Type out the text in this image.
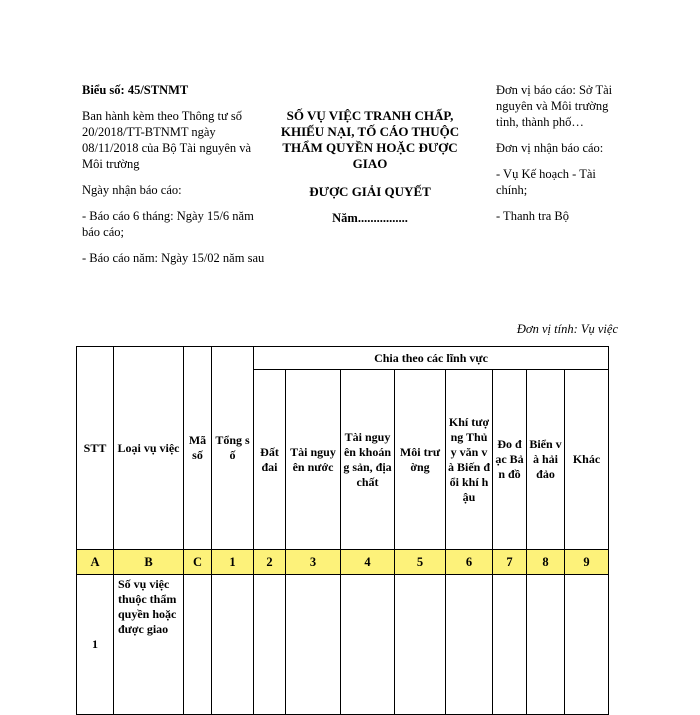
Biểu số: 45/STNMT

Ban hành kèm theo Thông tư số 20/2018/TT-BTNMT ngày 08/11/2018 của Bộ Tài nguyên và Môi trường

Ngày nhận báo cáo:

- Báo cáo 6 tháng: Ngày 15/6 năm báo cáo;

- Báo cáo năm: Ngày 15/02 năm sau

SỐ VỤ VIỆC TRANH CHẤP, KHIẾU NẠI, TỐ CÁO THUỘC THẨM QUYỀN HOẶC ĐƯỢC GIAO

ĐƯỢC GIẢI QUYẾT

Năm................

Đơn vị báo cáo: Sở Tài nguyên và Môi trường tỉnh, thành phố…

Đơn vị nhận báo cáo:

- Vụ Kế hoạch - Tài chính;

- Thanh tra Bộ

Đơn vị tính: Vụ việc
STT	Loại vụ việc	Mã số	Tổng số	Chia theo các lĩnh vực							
				Đất đai	Tài nguyên nước	Tài nguyên khoáng sản, địa chất	Môi trường	Khí tượng Thủy văn và Biến đổi khí hậu	Đo đạc Bản đồ	Biển và hải đảo	Khác
A	B	C	1	2	3	4	5	6	7	8	9
1	Số vụ việc thuộc thẩm quyền hoặc được giao										
